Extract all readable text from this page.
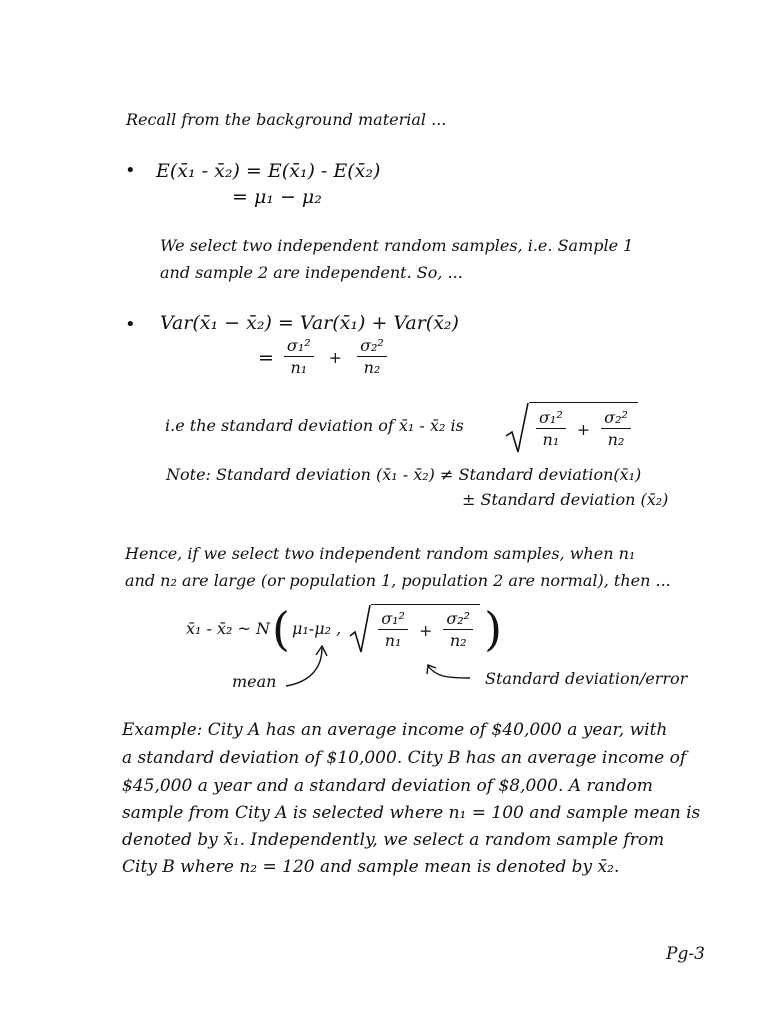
Recall from the background material ...
• E(x̄₁ - x̄₂) = E(x̄₁) - E(x̄₂)
= μ₁ − μ₂
We select two independent random samples, i.e. Sample 1
and sample 2 are independent. So, ...
• Var(x̄₁ − x̄₂) = Var(x̄₁) + Var(x̄₂)
= $\frac{\text{σ₁²}}{\text{n₁}} + \frac{\text{σ₂²}}{\text{n₂}}$
i.e the standard deviation of x̄₁ - x̄₂ is	$\frac{\text{σ₁²}}{\text{n₁}} + \frac{\text{σ₂²}}{\text{n₂}}$
Note: Standard deviation (x̄₁ - x̄₂) ≠ Standard deviation(x̄₁)
± Standard deviation (x̄₂)
Hence, if we select two independent random samples, when n₁
and n₂ are large (or population 1, population 2 are normal), then ...
x̄₁ - x̄₂ ~ N ( μ₁-μ₂ , $\frac{\text{σ₁²}}{\text{n₁}} + \frac{\text{σ₂²}}{\text{n₂}}$ )
mean	Standard deviation/error
Example: City A has an average income of $40,000 a year, with
a standard deviation of $10,000. City B has an average income of
$45,000 a year and a standard deviation of $8,000. A random
sample from City A is selected where n₁ = 100 and sample mean is
denoted by x̄₁. Independently, we select a random sample from
City B where n₂ = 120 and sample mean is denoted by x̄₂.
Pg-3
